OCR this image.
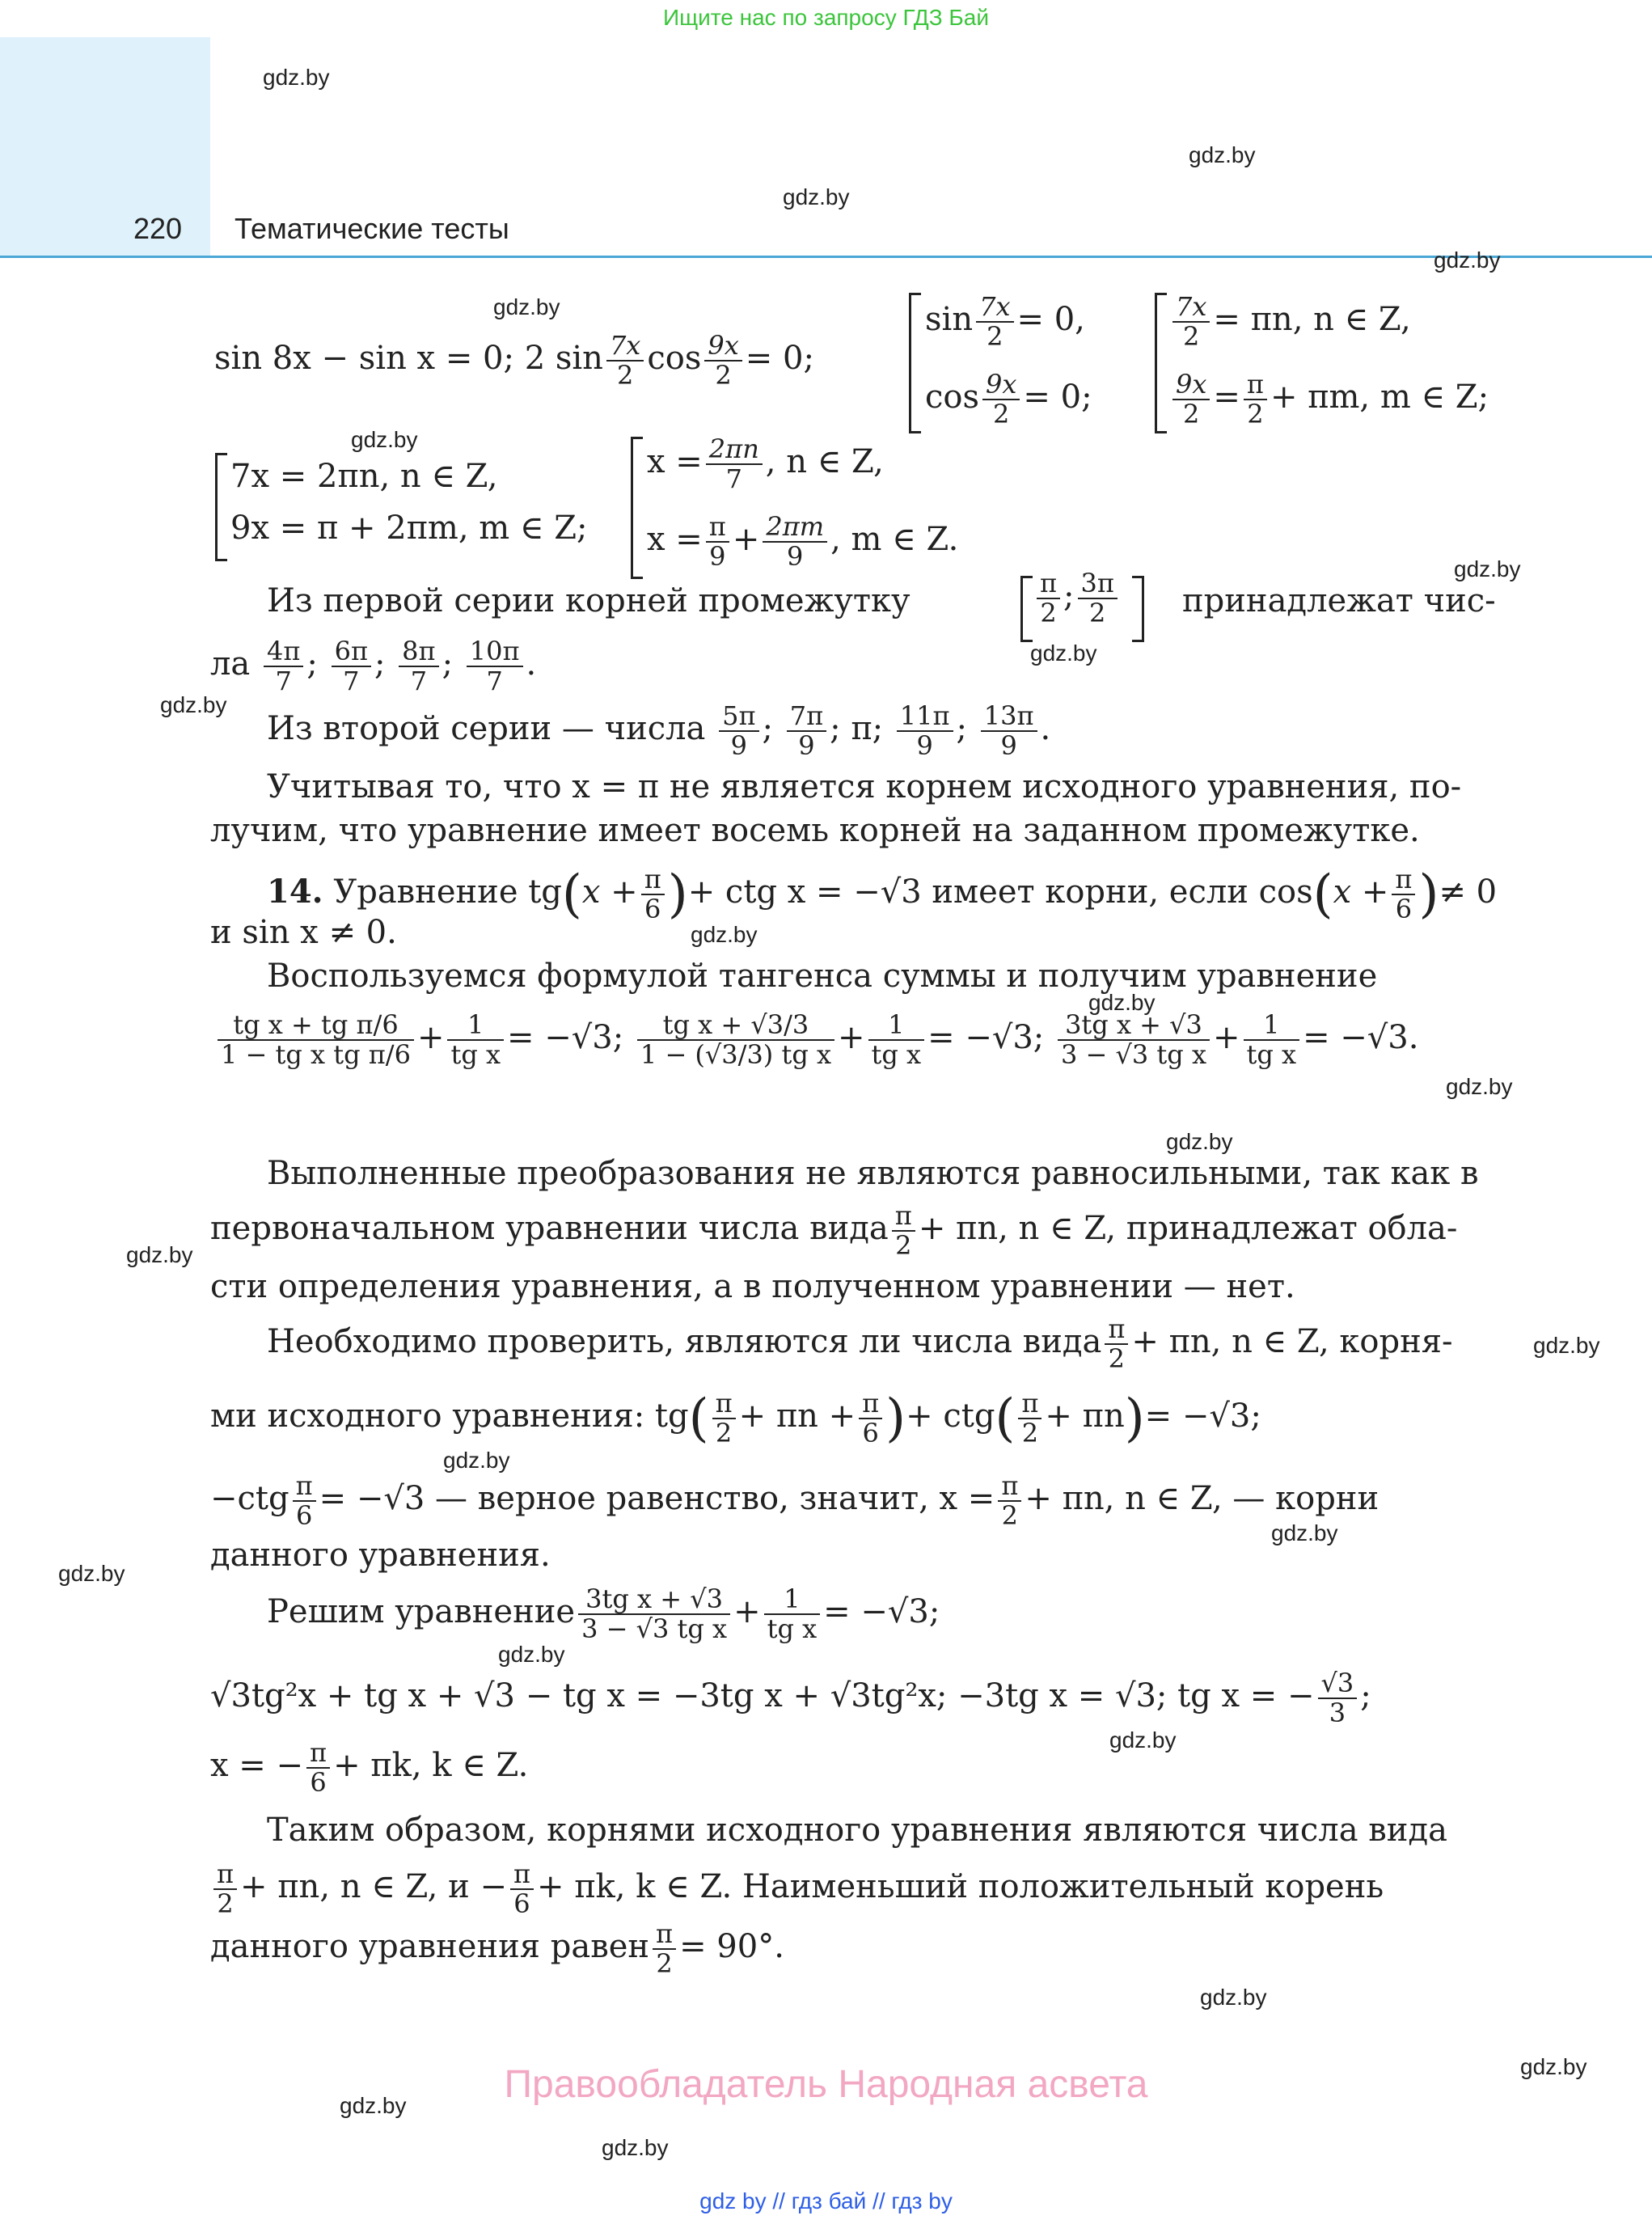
Ищите нас по запросу ГДЗ Бай
220 Тематические тесты
gdz.by
gdz.by
gdz.by
gdz.by
gdz.by
gdz.by
gdz.by
gdz.by
gdz.by
gdz.by
gdz.by
gdz.by
gdz.by
gdz.by
gdz.by
gdz.by
gdz.by
gdz.by
gdz.by
gdz.by
gdz.by
gdz.by
gdz.by
gdz.by
sin 8x − sin x = 0; 2 $\sin \frac{7x}{2}$ $\cos \frac{9x}{2} = 0$;
$\sin \frac{7x}{2} = 0$,
$\cos \frac{9x}{2} = 0$;
$\frac{7x}{2} = \pi n$, n ∈ Z,
$\frac{9x}{2} = \frac{\pi}{2} + \pi m$, m ∈ Z;
7x = 2πn, n ∈ Z,
9x = π + 2πm, m ∈ Z;
$x = \frac{2\pi n}{7}$ , n ∈ Z,
$x = \frac{\pi}{9} + \frac{2\pi m}{9}$ , m ∈ Z.
Из первой серии корней промежутку	$\frac{\pi}{2}$ ; $\frac{3\pi}{2}$ принадлежат чис-
ла $\frac{4\pi}{7}$ ; $\frac{6\pi}{7}$ ; $\frac{8\pi}{7}$ ; $\frac{10\pi}{7}$ .
Из второй серии — числа $\frac{5\pi}{9}$ ; $\frac{7\pi}{9}$ ; π; $\frac{11\pi}{9}$ ; $\frac{13\pi}{9}$ .
Учитывая то, что x = π не является корнем исходного уравнения, по-
лучим, что уравнение имеет восемь корней на заданном промежутке.
14. Уравнение $tg(x + \frac{\pi}{6}$ )+ ctg x = −√3 имеет корни, если $\cos(x + \frac{\pi}{6}$ )≠ 0
и sin x ≠ 0.
Воспользуемся формулой тангенса суммы и получим уравнение
$\frac{\text{tg x + tg π/6}}{\text{1 − tg x tg π/6}} + \frac{1}{\text{tg x}} = -√3$; $\frac{\text{tg x + √3/3}}{\text{1 − (√3/3) tg x}} + \frac{1}{\text{tg x}} = -√3$; $\frac{\text{3tg x + √3}}{\text{3 − √3 tg x}} + \frac{1}{\text{tg x}} = -√3$.
Выполненные преобразования не являются равносильными, так как в
первоначальном уравнении числа вида $\frac{\pi}{2} + \pi n$, n ∈ Z, принадлежат обла-
сти определения уравнения, а в полученном уравнении — нет.
Необходимо проверить, являются ли числа вида $\frac{\pi}{2} + \pi n$, n ∈ Z, корня-
ми исходного уравнения: $tg( \frac{\pi}{2} + \pi n + \frac{\pi}{6}$ )+ $ctg( \frac{\pi}{2} + \pi n)= -√3$;
$-ctg \frac{\pi}{6} = -√3$ — верное равенство, значит, $x = \frac{\pi}{2} + \pi n$, n ∈ Z, — корни
данного уравнения.
Решим уравнение $\frac{\text{3tg x + √3}}{\text{3 − √3 tg x}} + \frac{1}{\text{tg x}} = -√3$;
√3tg²x + tg x + √3 − tg x = −3tg x + √3tg²x; −3tg x = √3; tg x = − $\frac{√3}{3}$ ;
x = − $\frac{\pi}{6} + \pi k$, k ∈ Z.
Таким образом, корнями исходного уравнения являются числа вида
$\frac{\pi}{2} + \pi n$, n ∈ Z, $и - \frac{\pi}{6} + \pi k$, k ∈ Z. Наименьший положительный корень
данного уравнения равен $\frac{\pi}{2} = 90^\circ$.
Правообладатель Народная асвета
gdz by // гдз бай // гдз by
